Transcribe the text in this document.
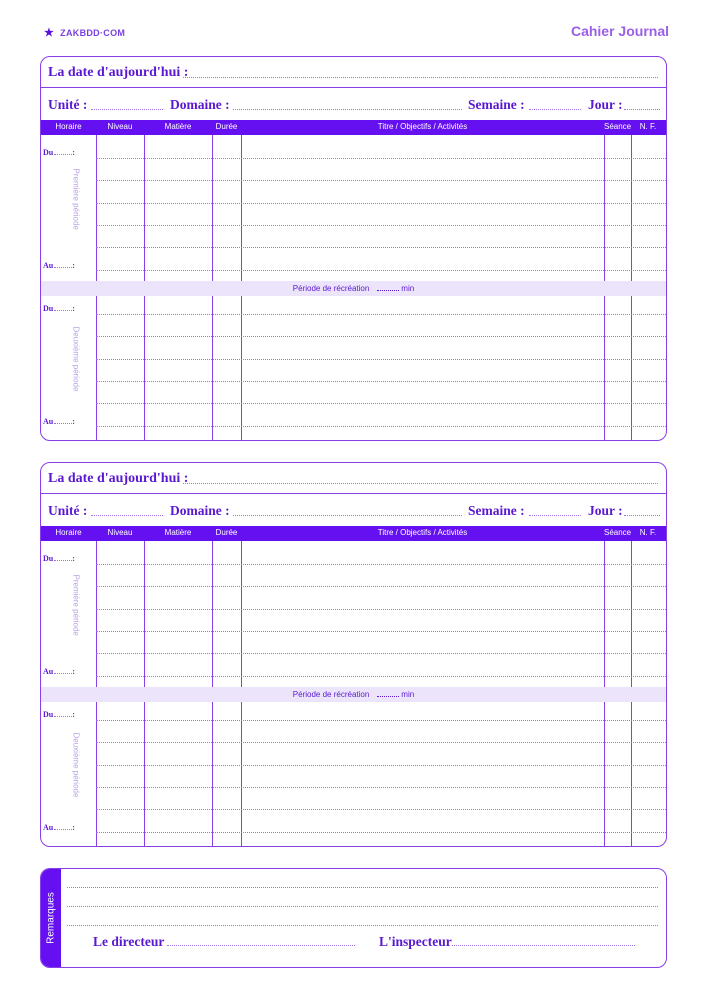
★ ZAKBDD·COM	Cahier Journal
La date d'aujourd'hui :
Unité :	Domaine :	Semaine :	Jour :
Horaire	Niveau	Matière	Durée	Titre / Objectifs / Activités	Séance	N. F.
Du :
Première période
Au :
Période de récréation	min
Du :
Deuxième période
Au :
La date d'aujourd'hui :
Unité :	Domaine :	Semaine :	Jour :
Horaire	Niveau	Matière	Durée	Titre / Objectifs / Activités	Séance	N. F.
Du :
Première période
Au :
Période de récréation	min
Du :
Deuxième période
Au :
Remarques	Le directeur	L'inspecteur
